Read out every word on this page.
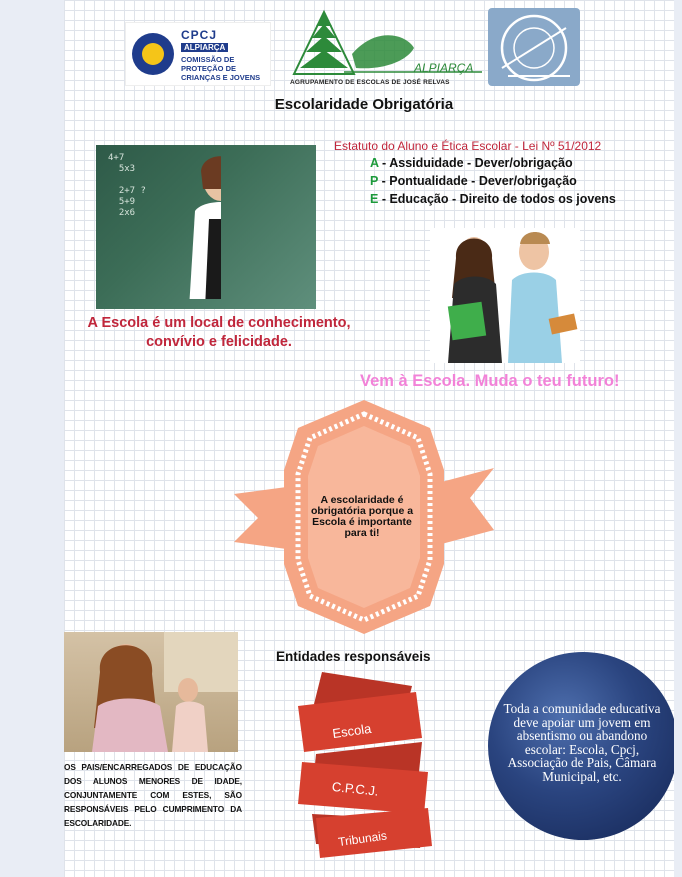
CPCJ
ALPIARÇA
COMISSÃO DE PROTEÇÃO DE CRIANÇAS E JOVENS
ALPIARÇA
AGRUPAMENTO DE ESCOLAS DE JOSÉ RELVAS
Escolaridade Obrigatória
4+7
5x3

2+7 ?
5+9
2x6
Estatuto do Aluno e Ética Escolar - Lei Nº 51/2012
A - Assiduidade - Dever/obrigação
P - Pontualidade - Dever/obrigação
E - Educação - Direito de todos os jovens
A Escola é um local de conhecimento, convívio e felicidade.
Vem à Escola. Muda o teu futuro!
A escolaridade é obrigatória porque a Escola é importante para ti!
OS PAIS/ENCARREGADOS DE EDUCAÇÃO DOS ALUNOS MENORES DE IDADE, CONJUNTAMENTE COM ESTES, SÃO RESPONSÁVEIS PELO CUMPRIMENTO DA ESCOLARIDADE.
Entidades responsáveis
Escola
C.P.C.J.
Tribunais
Toda a comunidade educativa deve apoiar um jovem em absentismo ou abandono escolar: Escola, Cpcj, Associação de Pais, Câmara Municipal, etc.
